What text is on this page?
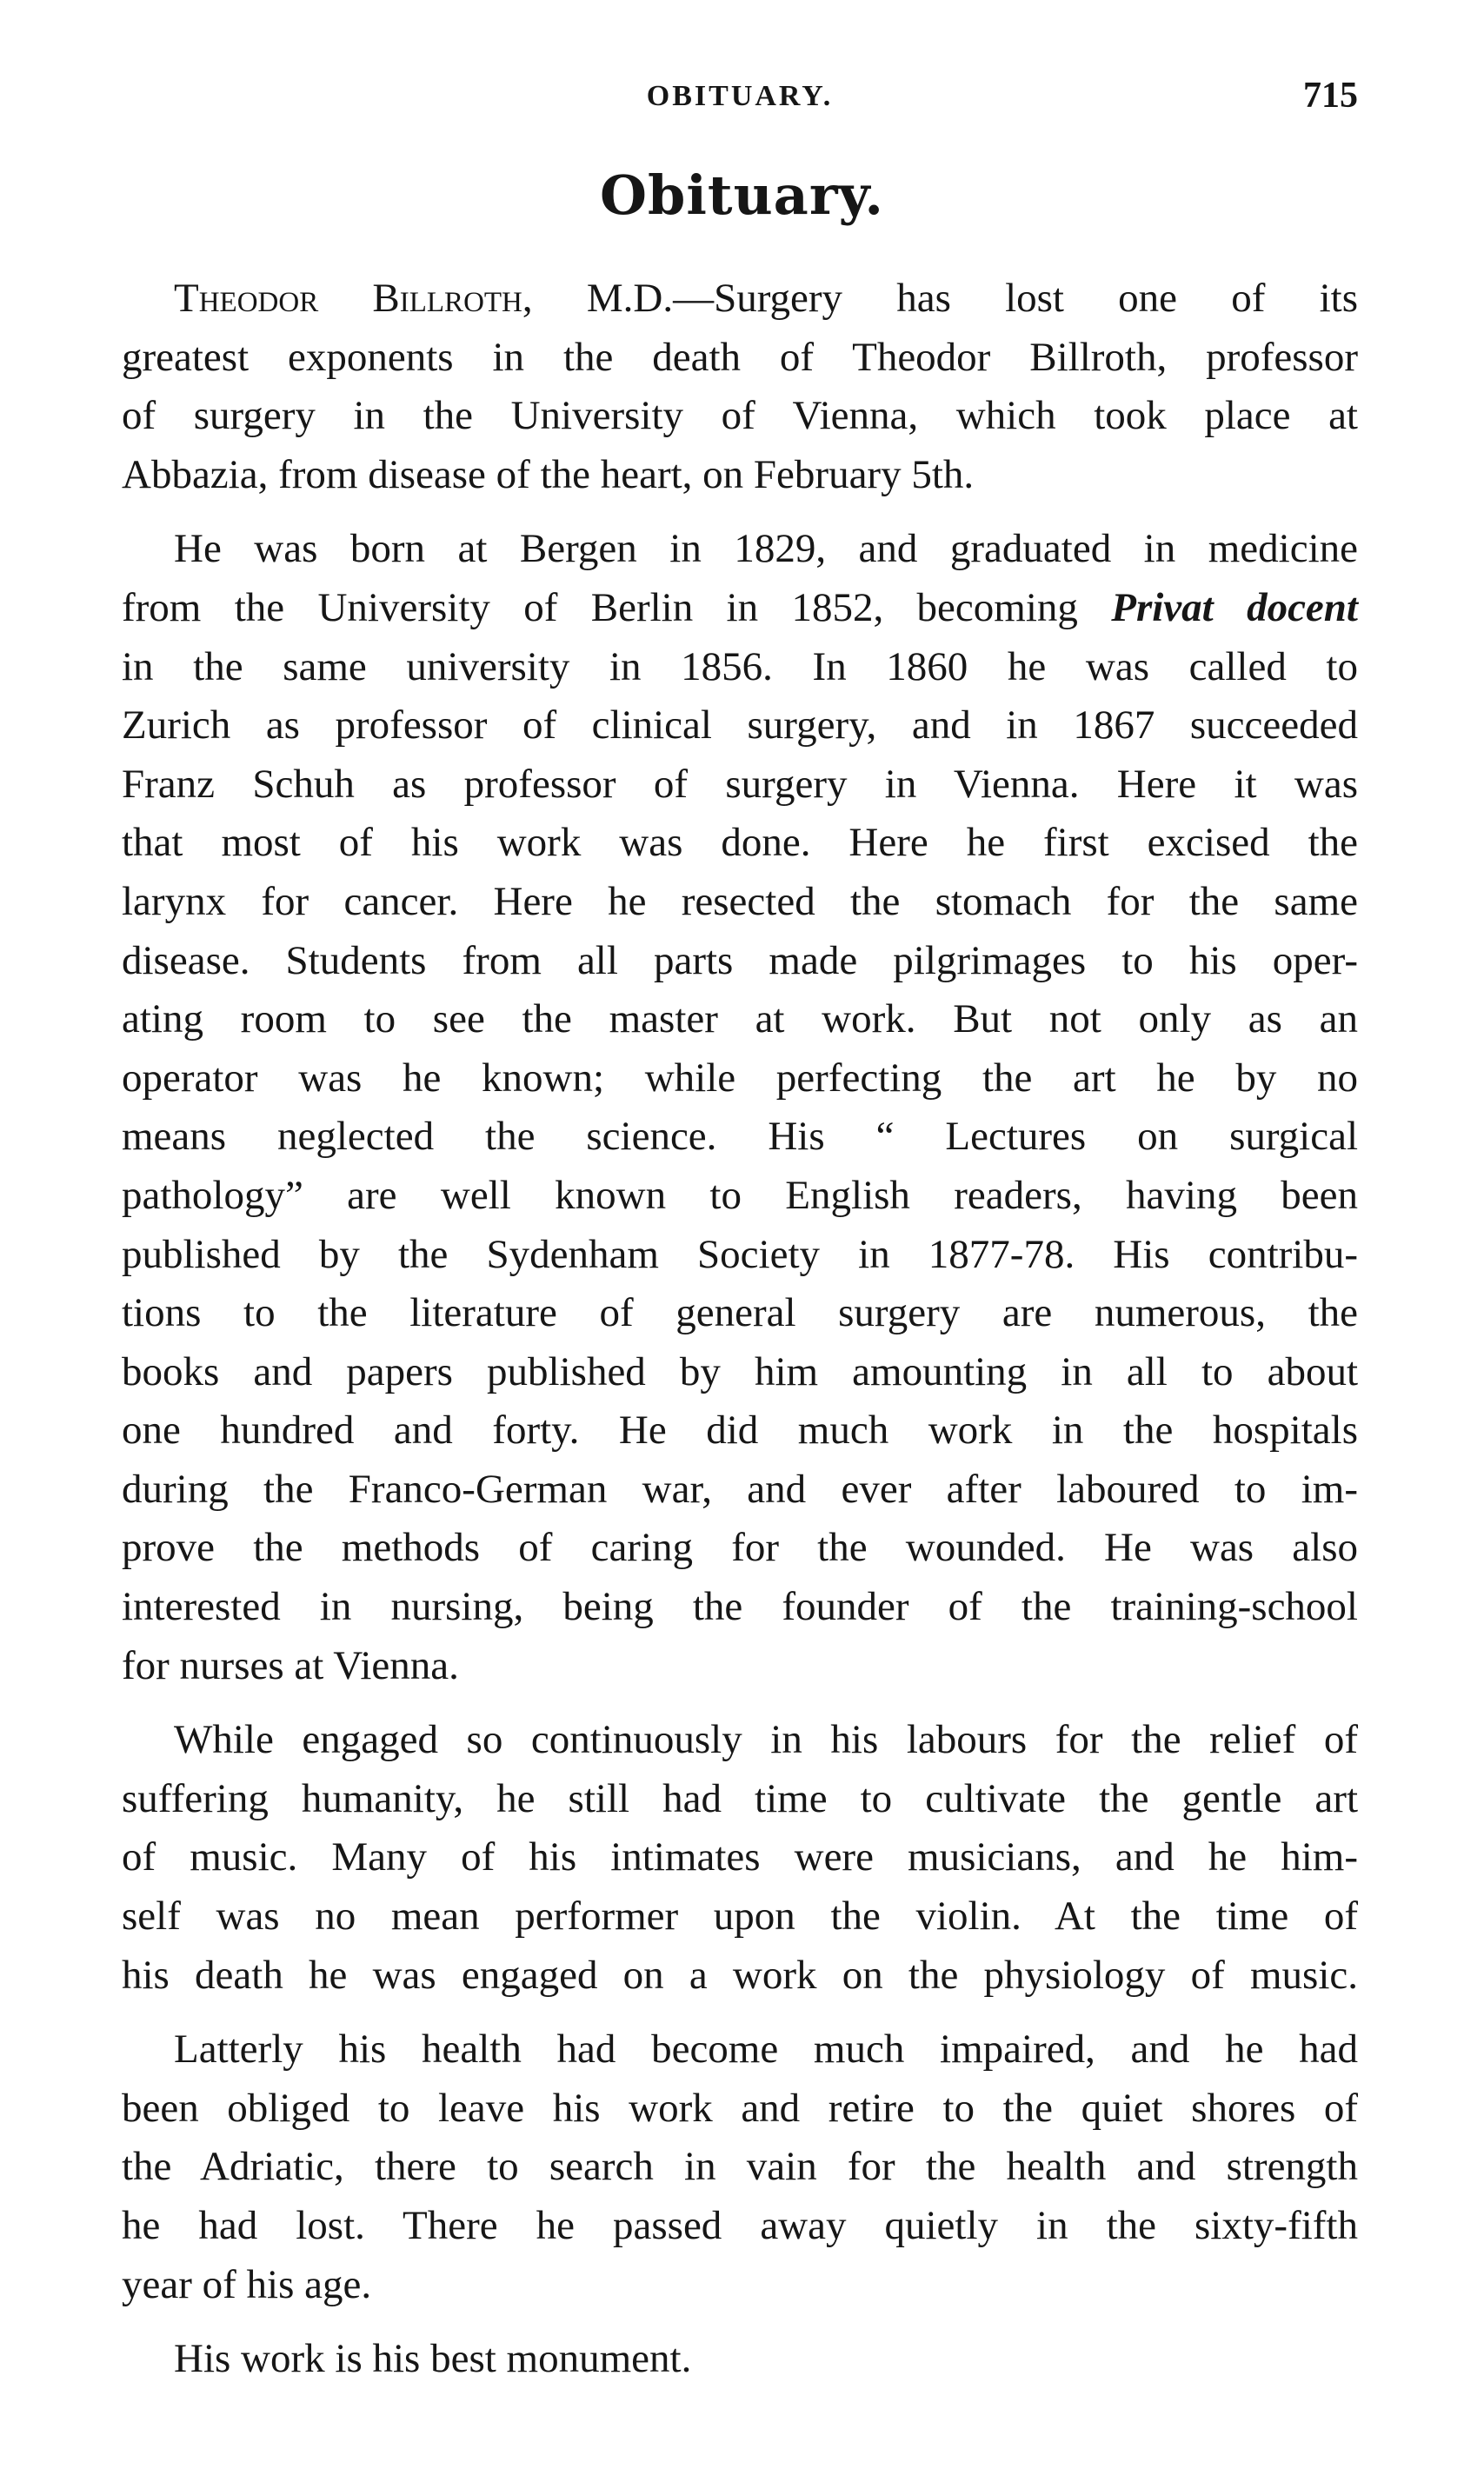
OBITUARY.	715
Obituary.

Theodor Billroth, M.D.—Surgery has lost one of its
greatest exponents in the death of Theodor Billroth, professor
of surgery in the University of Vienna, which took place at
Abbazia, from disease of the heart, on February 5th.

He was born at Bergen in 1829, and graduated in medicine
from the University of Berlin in 1852, becoming Privat docent
in the same university in 1856. In 1860 he was called to
Zurich as professor of clinical surgery, and in 1867 succeeded
Franz Schuh as professor of surgery in Vienna. Here it was
that most of his work was done. Here he first excised the
larynx for cancer. Here he resected the stomach for the same
disease. Students from all parts made pilgrimages to his oper-
ating room to see the master at work. But not only as an
operator was he known; while perfecting the art he by no
means neglected the science. His “ Lectures on surgical
pathology” are well known to English readers, having been
published by the Sydenham Society in 1877-78. His contribu-
tions to the literature of general surgery are numerous, the
books and papers published by him amounting in all to about
one hundred and forty. He did much work in the hospitals
during the Franco-German war, and ever after laboured to im-
prove the methods of caring for the wounded. He was also
interested in nursing, being the founder of the training-school
for nurses at Vienna.

While engaged so continuously in his labours for the relief of
suffering humanity, he still had time to cultivate the gentle art
of music. Many of his intimates were musicians, and he him-
self was no mean performer upon the violin. At the time of
his death he was engaged on a work on the physiology of music.

Latterly his health had become much impaired, and he had
been obliged to leave his work and retire to the quiet shores of
the Adriatic, there to search in vain for the health and strength
he had lost. There he passed away quietly in the sixty-fifth
year of his age.

His work is his best monument.
